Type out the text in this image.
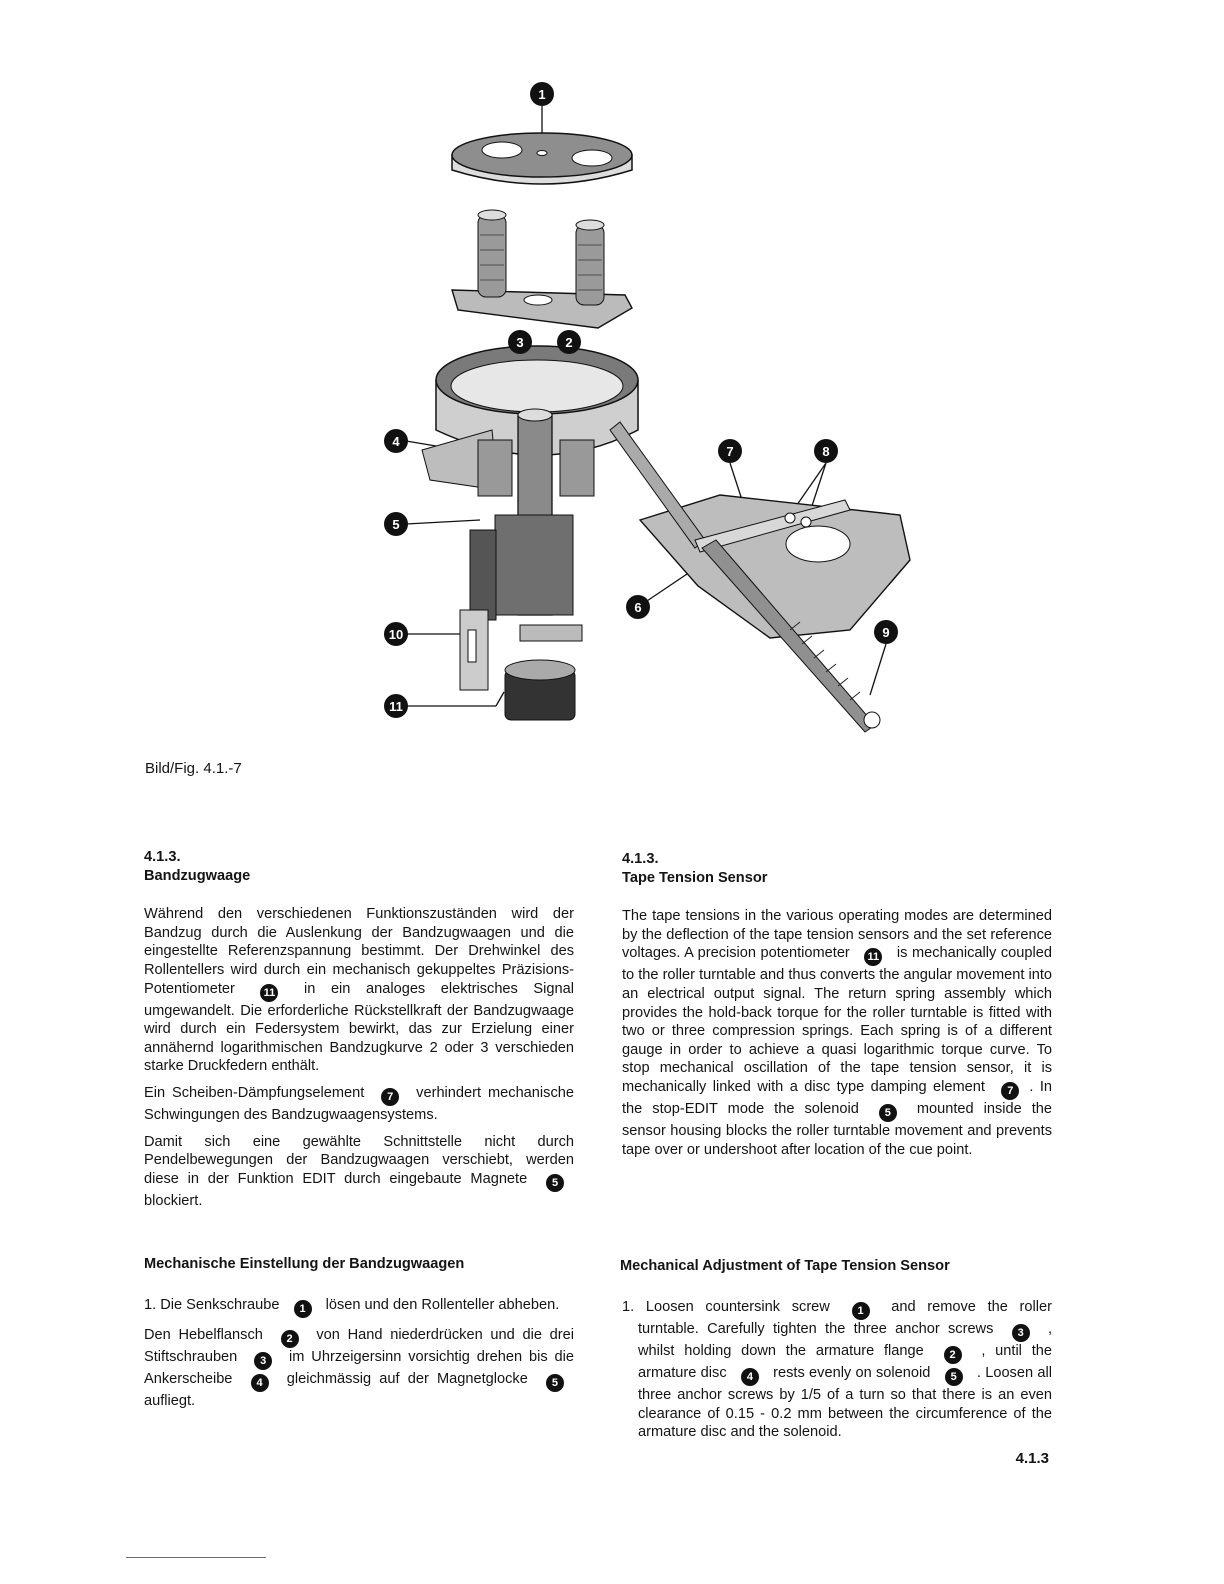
1
3	2
4
7	8
5
6
9
10
11
Bild/Fig. 4.1.-7
4.1.3.
Bandzugwaage

Während den verschiedenen Funktionszuständen wird der Bandzug durch die Auslenkung der Bandzugwaagen und die eingestellte Referenzspannung bestimmt. Der Drehwinkel des Rollentellers wird durch ein mechanisch gekuppeltes Präzisions-Potentiometer	11 in ein analoges elektrisches Signal umgewandelt. Die erforderliche Rückstellkraft der Bandzugwaage wird durch ein Federsystem bewirkt, das zur Erzielung einer annähernd logarithmischen Bandzugkurve 2 oder 3 verschieden starke Druckfedern enthält.

Ein Scheiben-Dämpfungselement 7 verhindert mechanische Schwingungen des Bandzugwaagensystems.

Damit sich eine gewählte Schnittstelle nicht durch Pendelbewegungen der Bandzugwaagen verschiebt, werden diese in der Funktion EDIT durch eingebaute Magnete 5 blockiert.

4.1.3.
Tape Tension Sensor

The tape tensions in the various operating modes are determined by the deflection of the tape tension sensors and the set reference voltages. A precision potentiometer 11 is mechanically coupled to the roller turntable and thus converts the angular movement into an electrical output signal. The return spring assembly which provides the hold-back torque for the roller turntable is fitted with two or three compression springs. Each spring is of a different gauge in order to achieve a quasi logarithmic torque curve. To stop mechanical oscillation of the tape tension sensor, it is mechanically linked with a disc type damping element 7 . In the stop-EDIT mode the solenoid 5 mounted inside the sensor housing blocks the roller turntable movement and prevents tape over or undershoot after location of the cue point.

Mechanische Einstellung der Bandzugwaagen	Mechanical Adjustment of Tape Tension Sensor

1. Die Senkschraube 1 lösen und den Rollenteller abheben.

Den Hebelflansch 2 von Hand niederdrücken und die drei Stiftschrauben 3 im Uhrzeigersinn vorsichtig drehen bis die Ankerscheibe 4 gleichmässig auf der Magnetglocke 5 aufliegt.

1. Loosen countersink screw	1 and remove the roller turntable. Carefully tighten the three anchor screws 3 , whilst holding down the armature flange 2 , until the armature disc 4 rests evenly on solenoid 5 . Loosen all three anchor screws by 1/5 of a turn so that there is an even clearance of 0.15 - 0.2 mm between the circumference of the armature disc and the solenoid.

4.1.3
